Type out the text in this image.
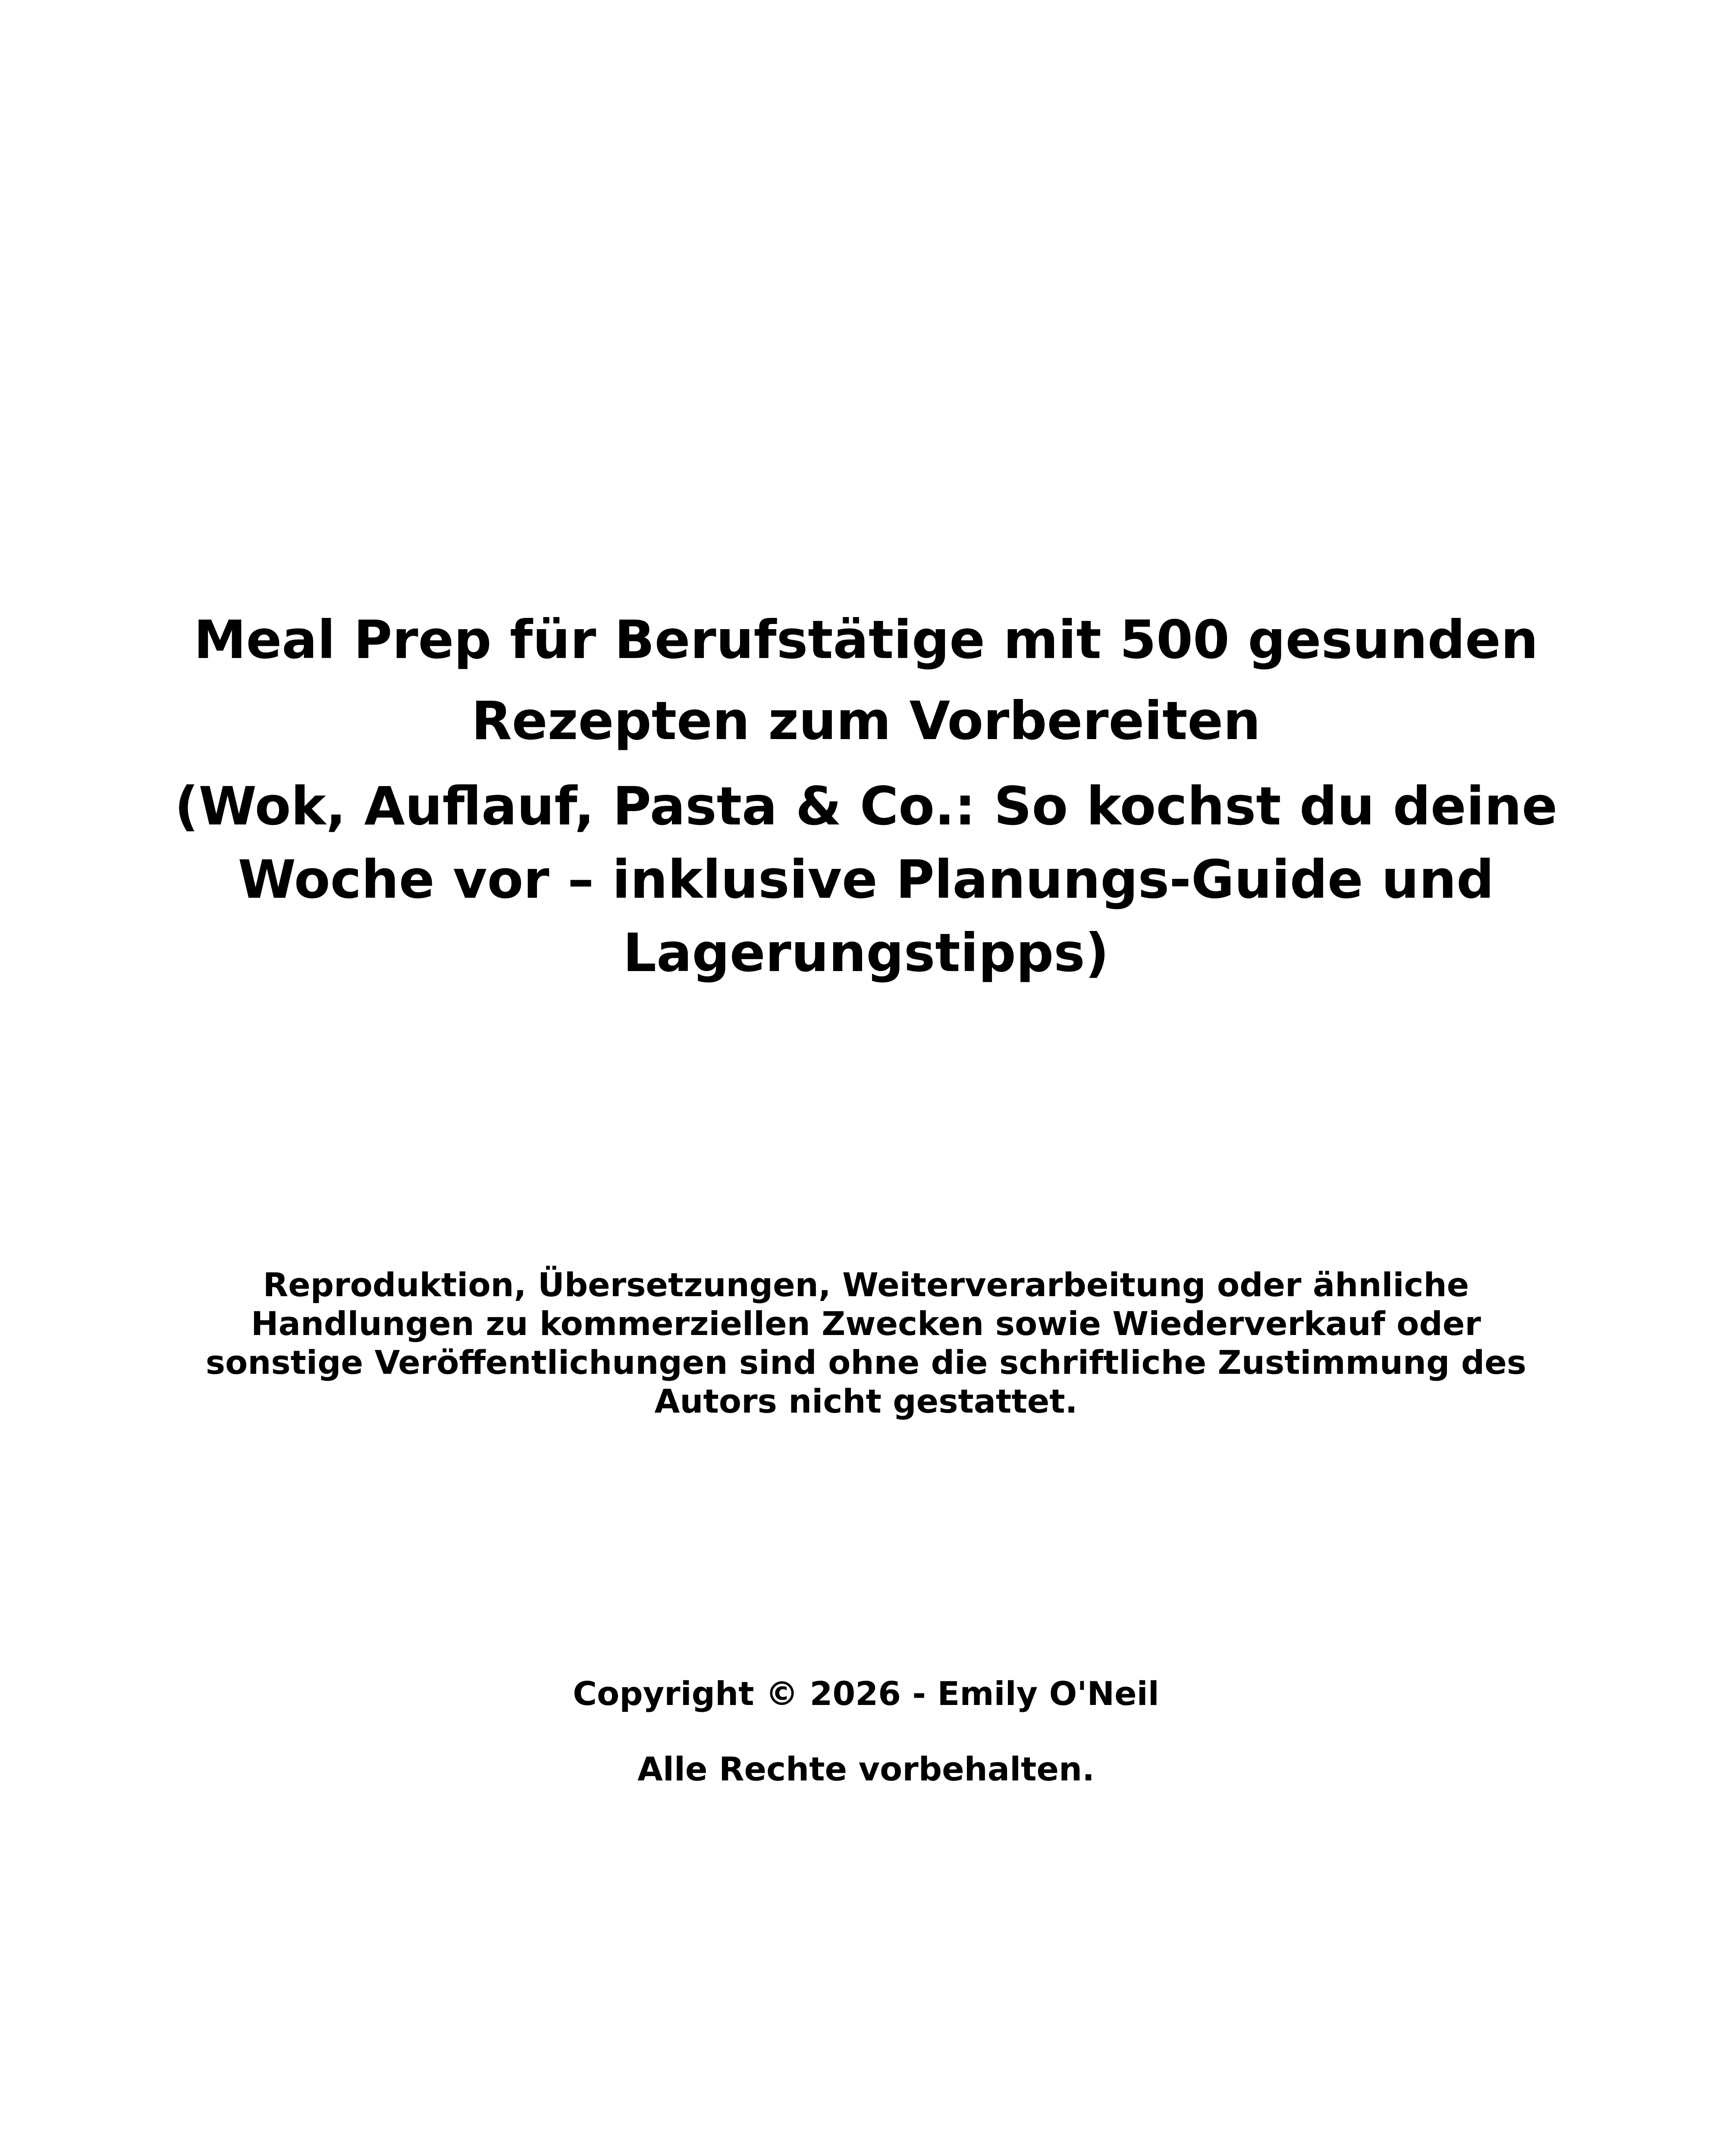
Meal Prep für Berufstätige mit 500 gesunden Rezepten zum Vorbereiten
(Wok, Auflauf, Pasta & Co.: So kochst du deine Woche vor – inklusive Planungs-Guide und Lagerungstipps)

Reproduktion, Übersetzungen, Weiterverarbeitung oder ähnliche Handlungen zu kommerziellen Zwecken sowie Wiederverkauf oder sonstige Veröffentlichungen sind ohne die schriftliche Zustimmung des Autors nicht gestattet.

Copyright © 2026 - Emily O'Neil

Alle Rechte vorbehalten.
